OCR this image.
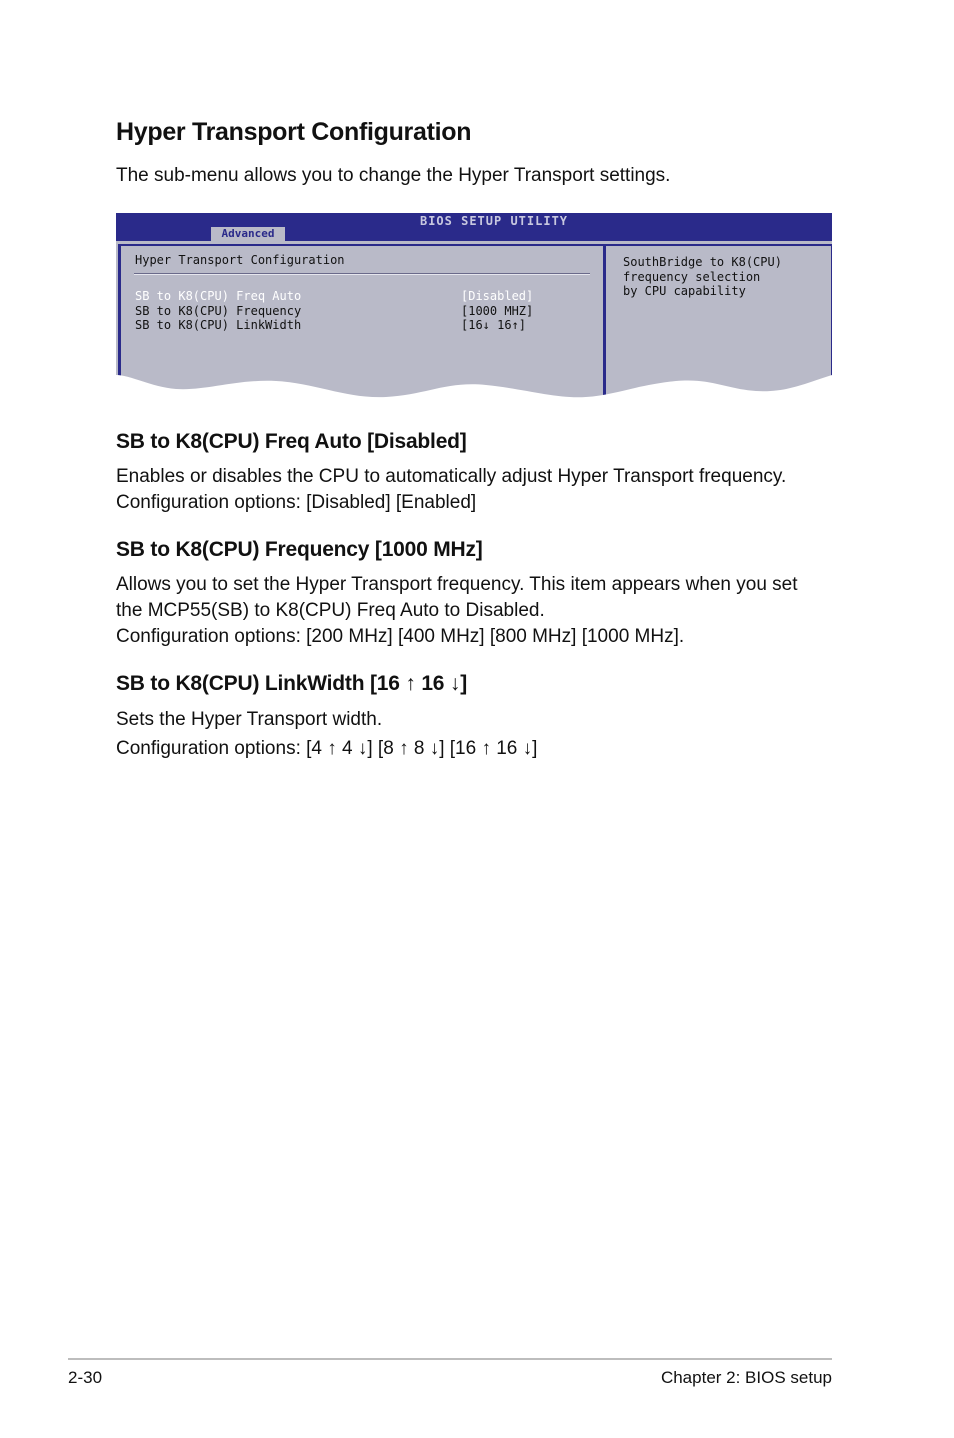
Hyper Transport Configuration
The sub-menu allows you to change the Hyper Transport settings.
BIOS SETUP UTILITY
Advanced
Hyper Transport Configuration
SB to K8(CPU) Freq Auto	[Disabled]
SB to K8(CPU) Frequency	[1000 MHZ]
SB to K8(CPU) LinkWidth	[16↓ 16↑]
SouthBridge to K8(CPU)
frequency selection
by CPU capability
SB to K8(CPU) Freq Auto [Disabled]
Enables or disables the CPU to automatically adjust Hyper Transport frequency.
Configuration options: [Disabled] [Enabled]
SB to K8(CPU) Frequency [1000 MHz]
Allows you to set the Hyper Transport frequency. This item appears when you set
the MCP55(SB) to K8(CPU) Freq Auto to Disabled.
Configuration options: [200 MHz] [400 MHz] [800 MHz] [1000 MHz].
SB to K8(CPU) LinkWidth [16 ↑ 16 ↓]
Sets the Hyper Transport width.
Configuration options: [4 ↑ 4 ↓] [8 ↑ 8 ↓] [16 ↑ 16 ↓]
2-30	Chapter 2: BIOS setup
